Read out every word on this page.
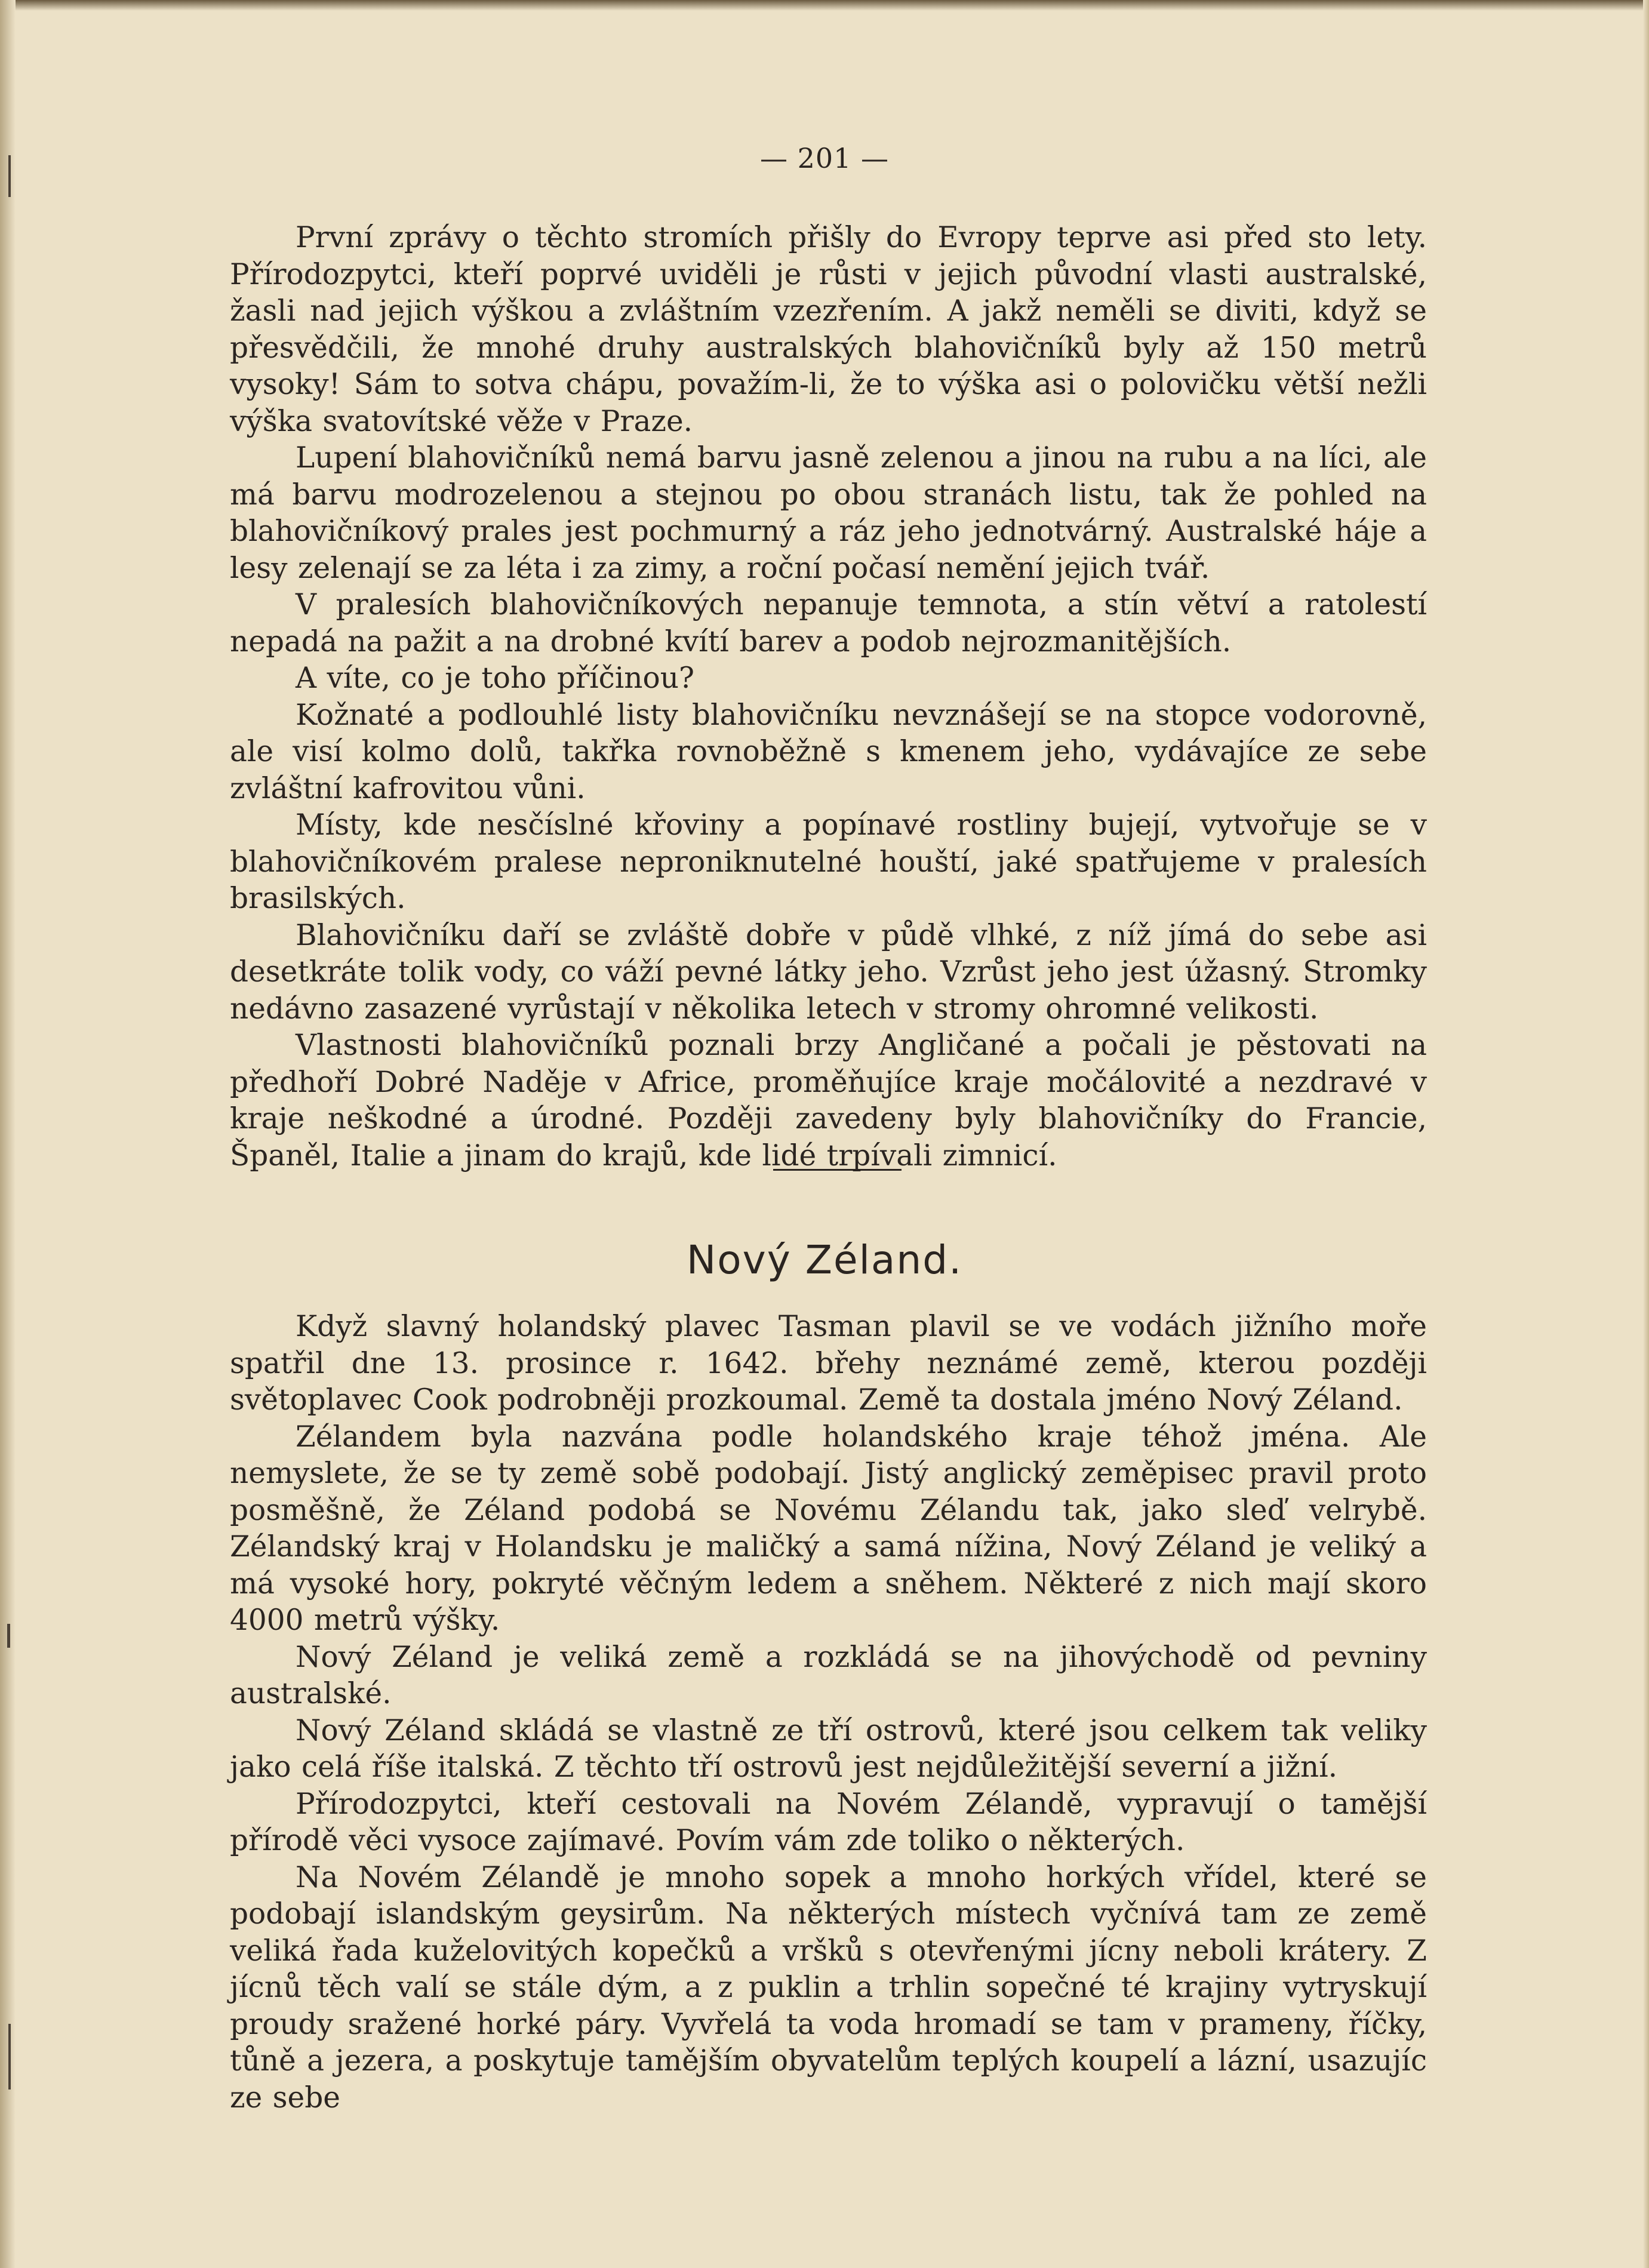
— 201 —

První zprávy o těchto stromích přišly do Evropy teprve asi před sto lety. Přírodozpytci, kteří poprvé uviděli je růsti v jejich původní vlasti australské, žasli nad jejich výškou a zvláštním vzezřením. A jakž neměli se diviti, když se přesvědčili, že mnohé druhy australských blahovičníků byly až 150 metrů vysoky! Sám to sotva chápu, považím-li, že to výška asi o polovičku větší nežli výška svatovítské věže v Praze.

Lupení blahovičníků nemá barvu jasně zelenou a jinou na rubu a na líci, ale má barvu modrozelenou a stejnou po obou stranách listu, tak že pohled na blahovičníkový prales jest pochmurný a ráz jeho jednotvárný. Australské háje a lesy zelenají se za léta i za zimy, a roční počasí nemění jejich tvář.

V pralesích blahovičníkových nepanuje temnota, a stín větví a ratolestí nepadá na pažit a na drobné kvítí barev a podob nejrozmanitějších.

A víte, co je toho příčinou?

Kožnaté a podlouhlé listy blahovičníku nevznášejí se na stopce vodorovně, ale visí kolmo dolů, takřka rovnoběžně s kmenem jeho, vydávajíce ze sebe zvláštní kafrovitou vůni.

Místy, kde nesčíslné křoviny a popínavé rostliny bujejí, vytvořuje se v blahovičníkovém pralese neproniknutelné houští, jaké spatřujeme v pralesích brasilských.

Blahovičníku daří se zvláště dobře v půdě vlhké, z níž jímá do sebe asi desetkráte tolik vody, co váží pevné látky jeho. Vzrůst jeho jest úžasný. Stromky nedávno zasazené vyrůstají v několika letech v stromy ohromné velikosti.

Vlastnosti blahovičníků poznali brzy Angličané a počali je pěstovati na předhoří Dobré Naděje v Africe, proměňujíce kraje močálovité a nezdravé v kraje neškodné a úrodné. Později zavedeny byly blahovičníky do Francie, Španěl, Italie a jinam do krajů, kde lidé trpívali zimnicí.

Nový Zéland.

Když slavný holandský plavec Tasman plavil se ve vodách jižního moře spatřil dne 13. prosince r. 1642. břehy neznámé země, kterou později světoplavec Cook podrobněji prozkoumal. Země ta dostala jméno Nový Zéland.

Zélandem byla nazvána podle holandského kraje téhož jména. Ale nemyslete, že se ty země sobě podobají. Jistý anglický zeměpisec pravil proto posměšně, že Zéland podobá se Novému Zélandu tak, jako sleď velrybě. Zélandský kraj v Holandsku je maličký a samá nížina, Nový Zéland je veliký a má vysoké hory, pokryté věčným ledem a sněhem. Některé z nich mají skoro 4000 metrů výšky.

Nový Zéland je veliká země a rozkládá se na jihovýchodě od pevniny australské.

Nový Zéland skládá se vlastně ze tří ostrovů, které jsou celkem tak veliky jako celá říše italská. Z těchto tří ostrovů jest nejdůležitější severní a jižní.

Přírodozpytci, kteří cestovali na Novém Zélandě, vypravují o tamější přírodě věci vysoce zajímavé. Povím vám zde toliko o některých.

Na Novém Zélandě je mnoho sopek a mnoho horkých vřídel, které se podobají islandským geysirům. Na některých místech vyčnívá tam ze země veliká řada kuželovitých kopečků a vršků s otevřenými jícny neboli krátery. Z jícnů těch valí se stále dým, a z puklin a trhlin sopečné té krajiny vytryskují proudy sražené horké páry. Vyvřelá ta voda hromadí se tam v prameny, říčky, tůně a jezera, a poskytuje tamějším obyvatelům teplých koupelí a lázní, usazujíc ze sebe
